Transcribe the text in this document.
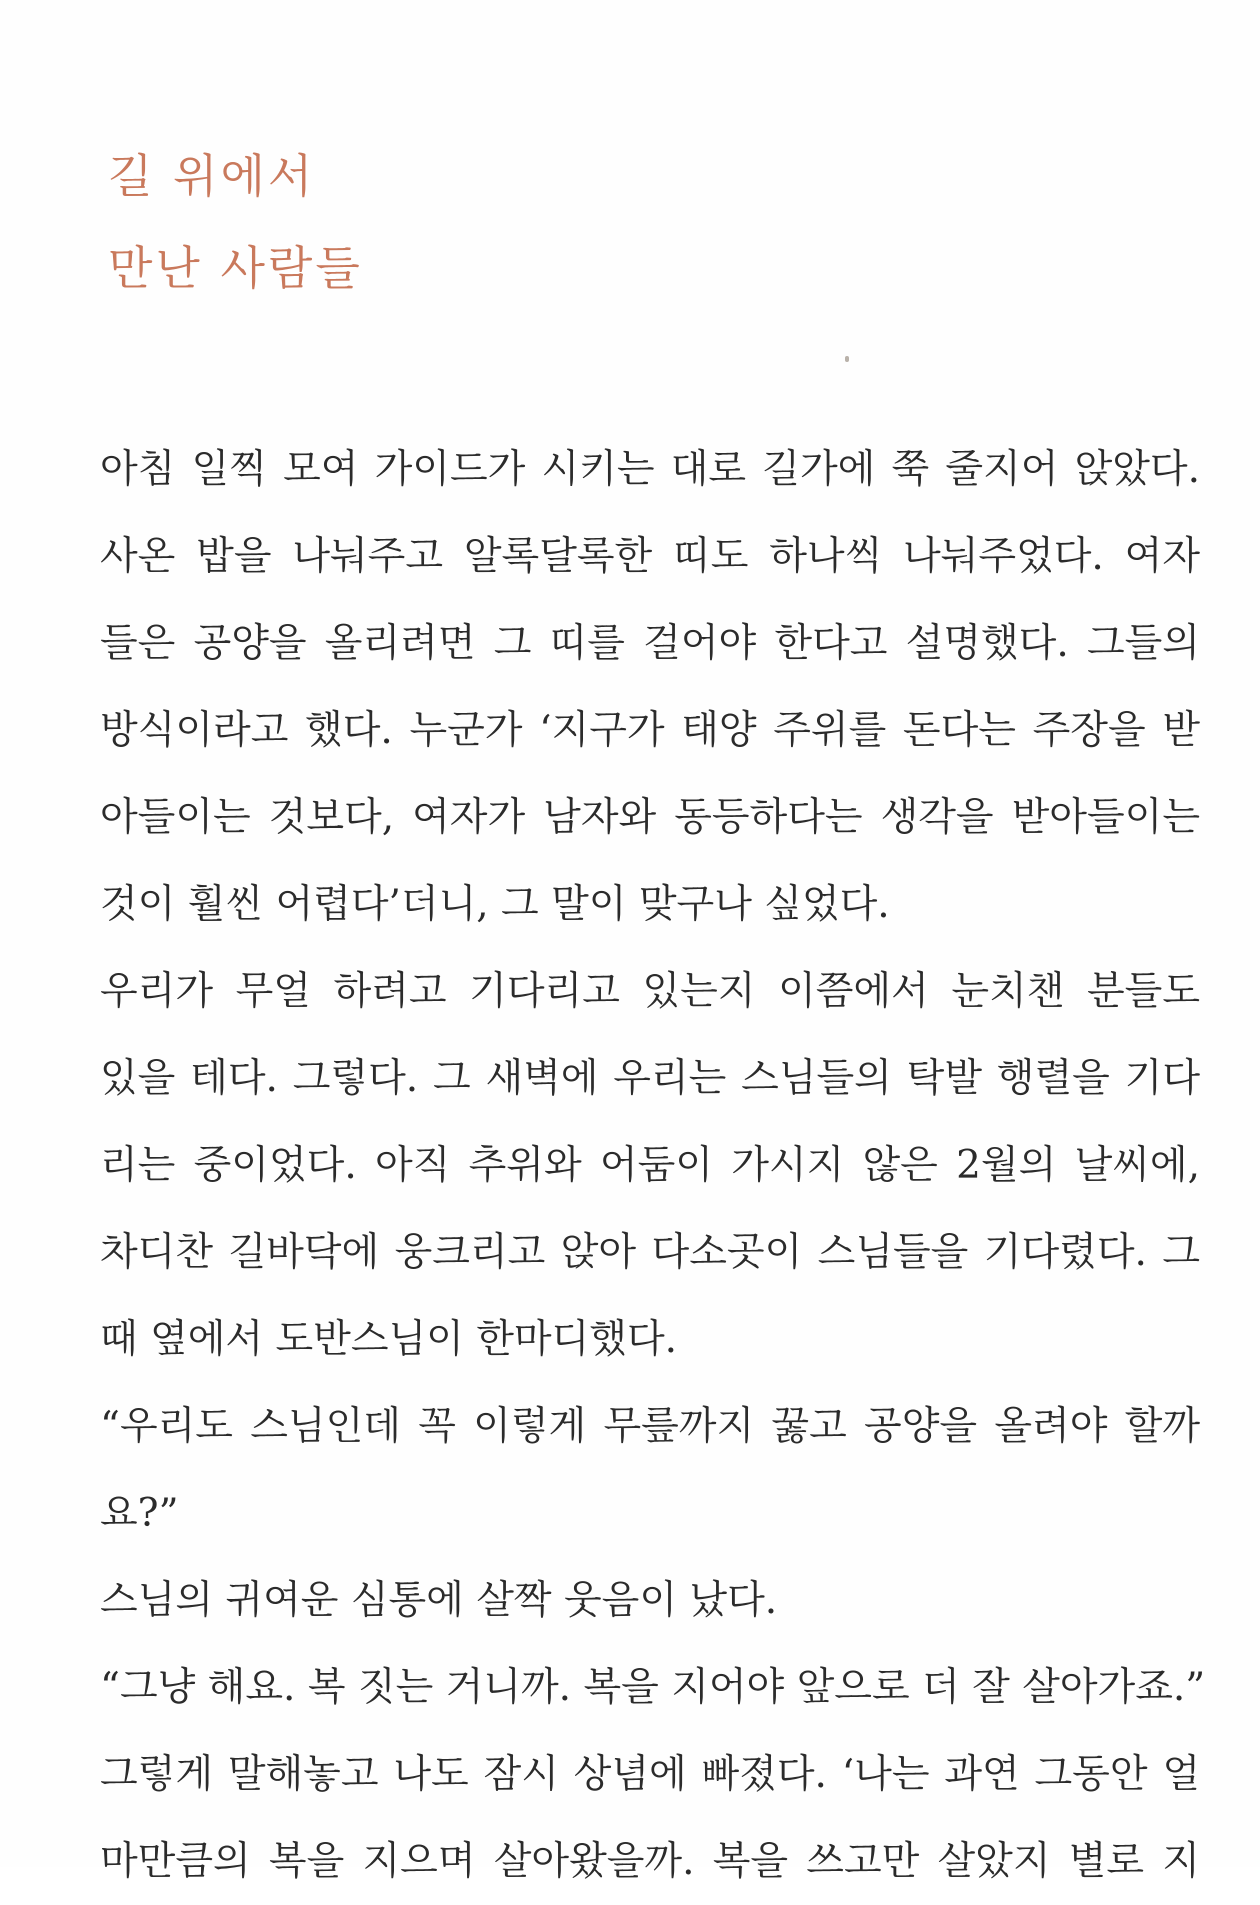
길 위에서
만난 사람들
아침 일찍 모여 가이드가 시키는 대로 길가에 쭉 줄지어 앉았다.
사온 밥을 나눠주고 알록달록한 띠도 하나씩 나눠주었다. 여자
들은 공양을 올리려면 그 띠를 걸어야 한다고 설명했다. 그들의
방식이라고 했다. 누군가 ‘지구가 태양 주위를 돈다는 주장을 받
아들이는 것보다, 여자가 남자와 동등하다는 생각을 받아들이는
것이 훨씬 어렵다’더니, 그 말이 맞구나 싶었다.
우리가 무얼 하려고 기다리고 있는지 이쯤에서 눈치챈 분들도
있을 테다. 그렇다. 그 새벽에 우리는 스님들의 탁발 행렬을 기다
리는 중이었다. 아직 추위와 어둠이 가시지 않은 2월의 날씨에,
차디찬 길바닥에 웅크리고 앉아 다소곳이 스님들을 기다렸다. 그
때 옆에서 도반스님이 한마디했다.
“우리도 스님인데 꼭 이렇게 무릎까지 꿇고 공양을 올려야 할까
요?”
스님의 귀여운 심통에 살짝 웃음이 났다.
“그냥 해요. 복 짓는 거니까. 복을 지어야 앞으로 더 잘 살아가죠.”
그렇게 말해놓고 나도 잠시 상념에 빠졌다. ‘나는 과연 그동안 얼
마만큼의 복을 지으며 살아왔을까. 복을 쓰고만 살았지 별로 지
